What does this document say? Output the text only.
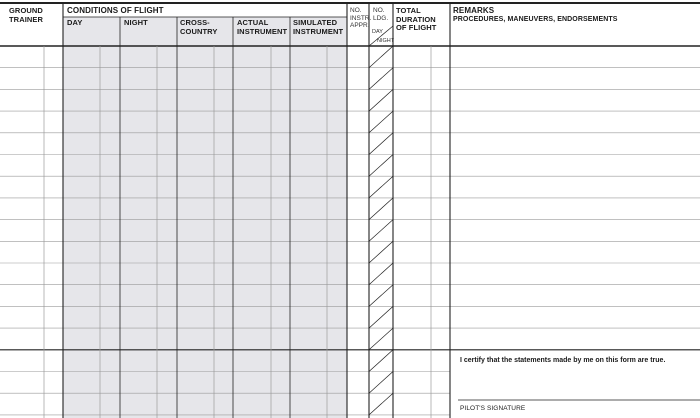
GROUND
TRAINER
CONDITIONS OF FLIGHT
DAY	NIGHT	CROSS-
COUNTRY
ACTUAL
INSTRUMENT
SIMULATED
INSTRUMENT
NO.
INSTR.
APPR.
NO.
LDG.
DAY
NIGHT
TOTAL
DURATION
OF FLIGHT
REMARKS
PROCEDURES, MANEUVERS, ENDORSEMENTS
I certify that the statements made by me on this form are true.
PILOT'S SIGNATURE
